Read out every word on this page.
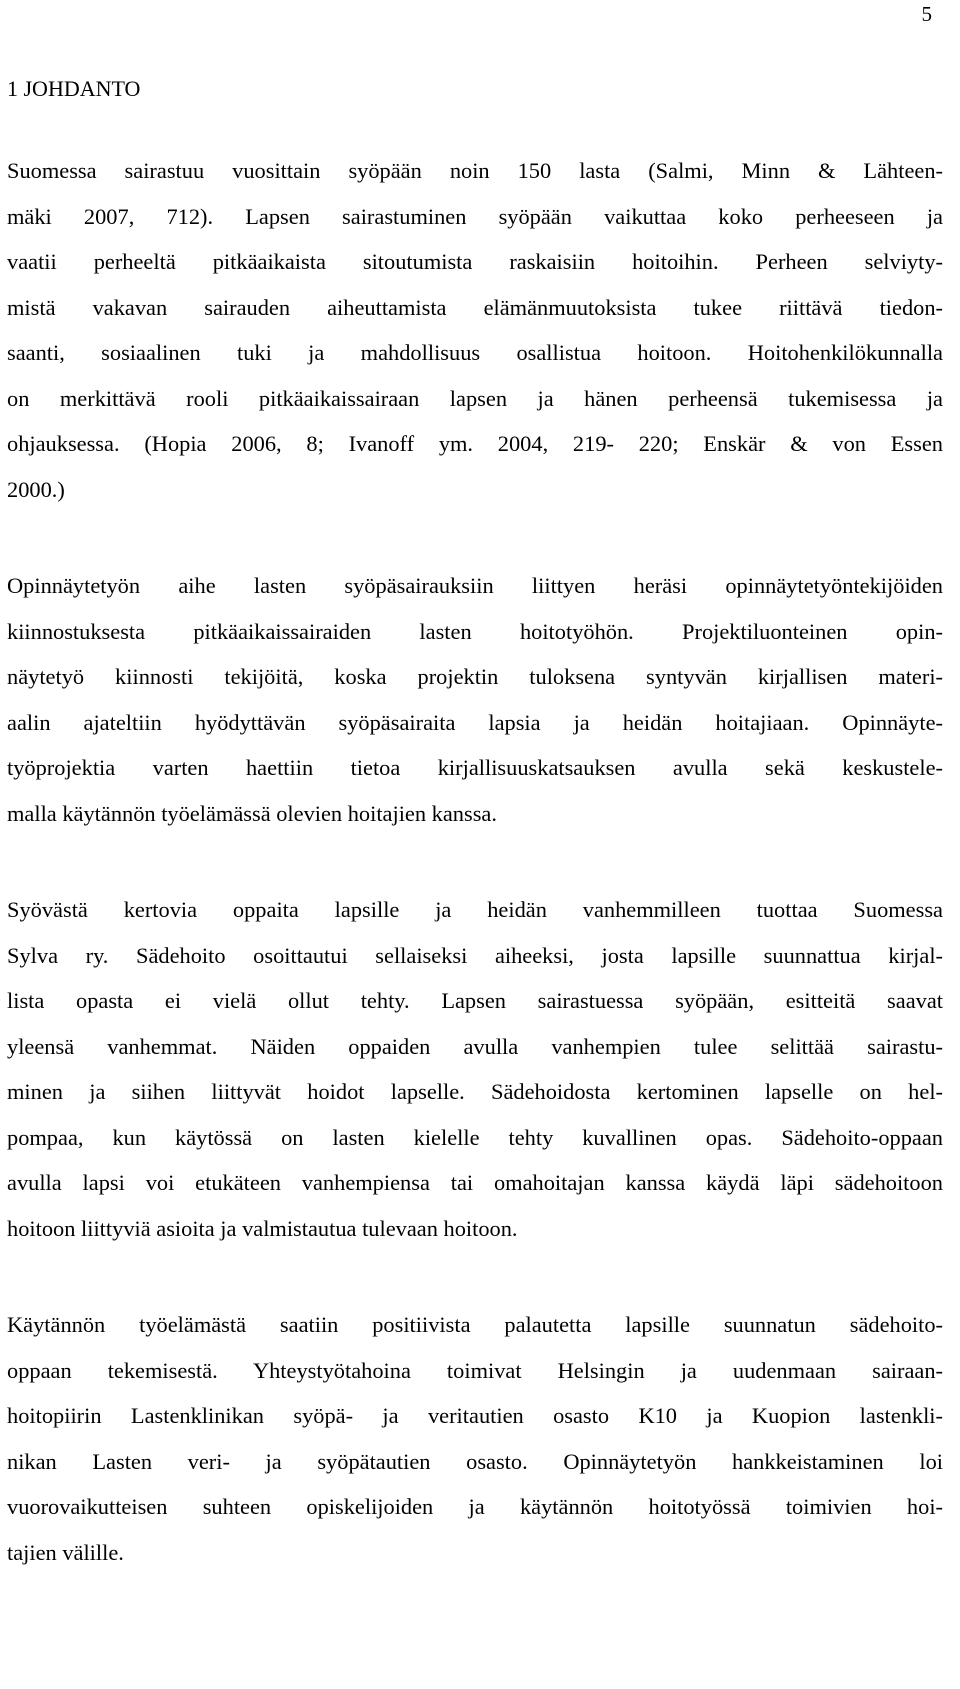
5
1 JOHDANTO

Suomessa sairastuu vuosittain syöpään noin 150 lasta (Salmi, Minn & Lähteen-
mäki 2007, 712). Lapsen sairastuminen syöpään vaikuttaa koko perheeseen ja
vaatii perheeltä pitkäaikaista sitoutumista raskaisiin hoitoihin. Perheen selviyty-
mistä vakavan sairauden aiheuttamista elämänmuutoksista tukee riittävä tiedon-
saanti, sosiaalinen tuki ja mahdollisuus osallistua hoitoon. Hoitohenkilökunnalla
on merkittävä rooli pitkäaikaissairaan lapsen ja hänen perheensä tukemisessa ja
ohjauksessa. (Hopia 2006, 8; Ivanoff ym. 2004, 219- 220; Enskär & von Essen
2000.)

Opinnäytetyön aihe lasten syöpäsairauksiin liittyen heräsi opinnäytetyöntekijöiden
kiinnostuksesta pitkäaikaissairaiden lasten hoitotyöhön. Projektiluonteinen opin-
näytetyö kiinnosti tekijöitä, koska projektin tuloksena syntyvän kirjallisen materi-
aalin ajateltiin hyödyttävän syöpäsairaita lapsia ja heidän hoitajiaan. Opinnäyte-
työprojektia varten haettiin tietoa kirjallisuuskatsauksen avulla sekä keskustele-
malla käytännön työelämässä olevien hoitajien kanssa.

Syövästä kertovia oppaita lapsille ja heidän vanhemmilleen tuottaa Suomessa
Sylva ry. Sädehoito osoittautui sellaiseksi aiheeksi, josta lapsille suunnattua kirjal-
lista opasta ei vielä ollut tehty. Lapsen sairastuessa syöpään, esitteitä saavat
yleensä vanhemmat. Näiden oppaiden avulla vanhempien tulee selittää sairastu-
minen ja siihen liittyvät hoidot lapselle. Sädehoidosta kertominen lapselle on hel-
pompaa, kun käytössä on lasten kielelle tehty kuvallinen opas. Sädehoito-oppaan
avulla lapsi voi etukäteen vanhempiensa tai omahoitajan kanssa käydä läpi sädehoitoon
hoitoon liittyviä asioita ja valmistautua tulevaan hoitoon.

Käytännön työelämästä saatiin positiivista palautetta lapsille suunnatun sädehoito-
oppaan tekemisestä. Yhteystyötahoina toimivat Helsingin ja uudenmaan sairaan-
hoitopiirin Lastenklinikan syöpä- ja veritautien osasto K10 ja Kuopion lastenkli-
nikan Lasten veri- ja syöpätautien osasto. Opinnäytetyön hankkeistaminen loi
vuorovaikutteisen suhteen opiskelijoiden ja käytännön hoitotyössä toimivien hoi-
tajien välille.
